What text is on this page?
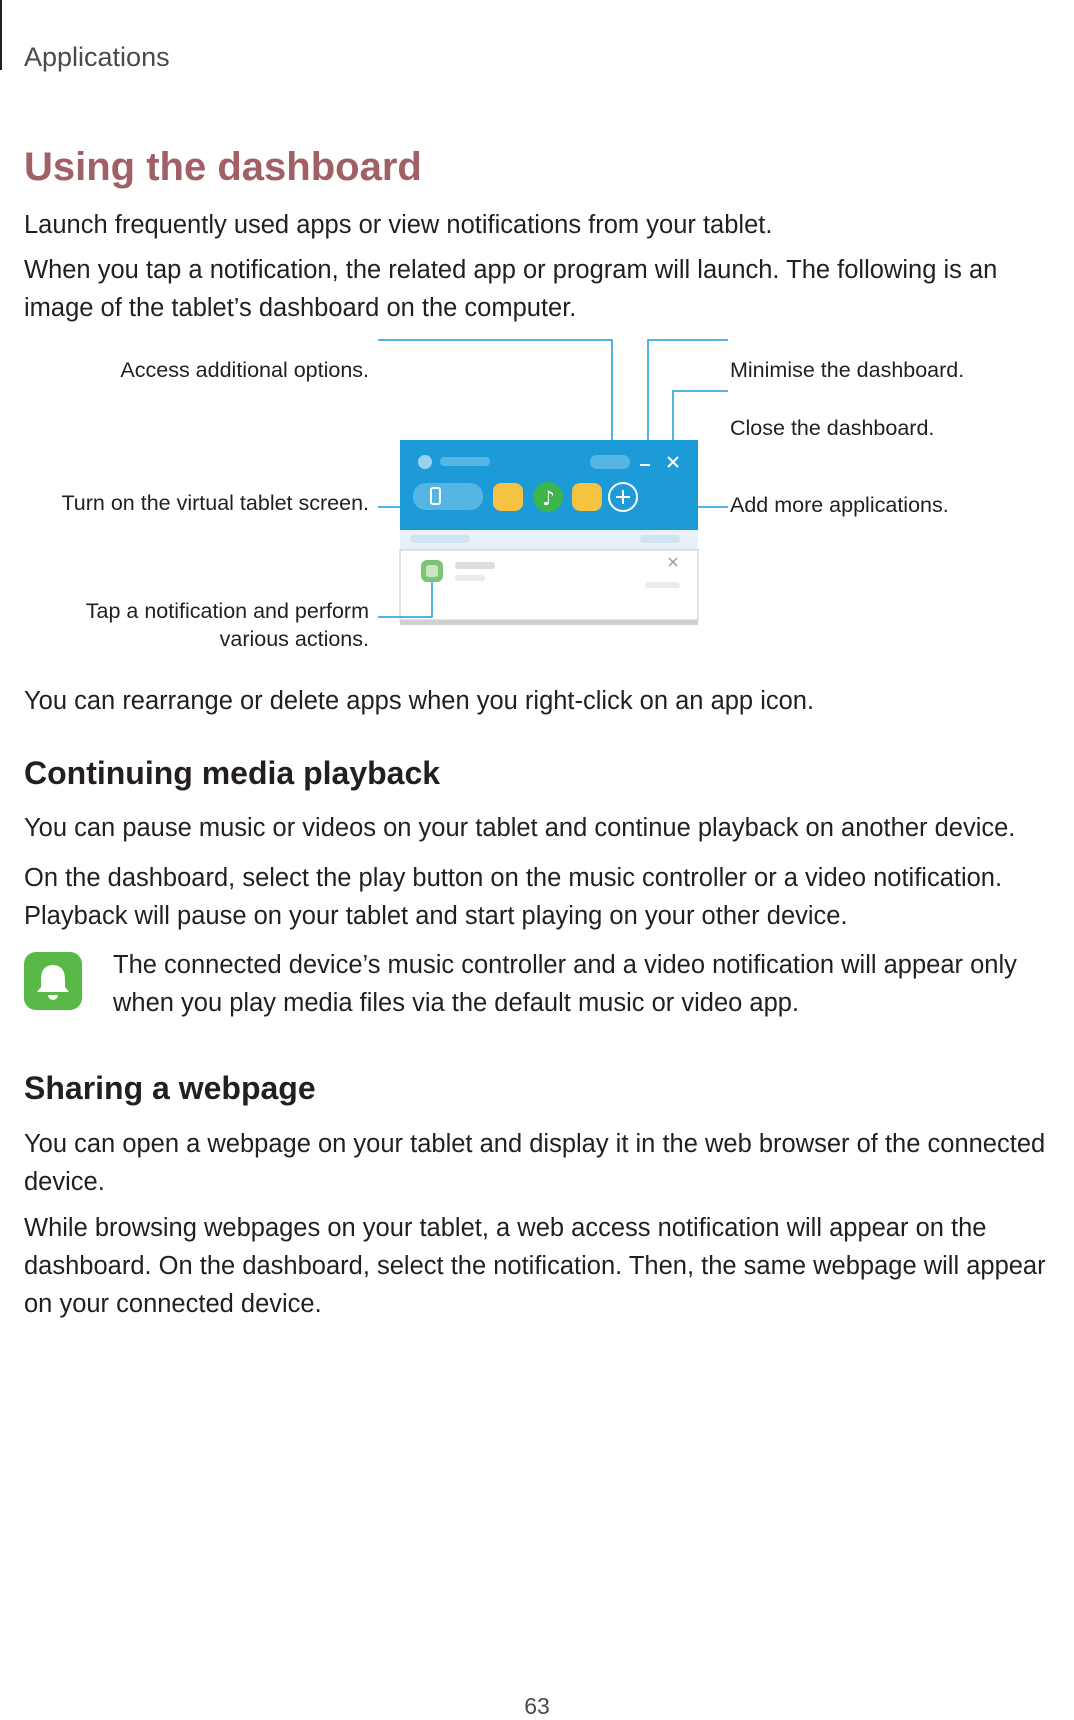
Applications
Using the dashboard

Launch frequently used apps or view notifications from your tablet.

When you tap a notification, the related app or program will launch. The following is an image of the tablet’s dashboard on the computer.

♪
Access additional options.	Minimise the dashboard.
Close the dashboard.
Turn on the virtual tablet screen.	Add more applications.
Tap a notification and perform
various actions.

You can rearrange or delete apps when you right-click on an app icon.

Continuing media playback

You can pause music or videos on your tablet and continue playback on another device.

On the dashboard, select the play button on the music controller or a video notification. Playback will pause on your tablet and start playing on your other device.

The connected device’s music controller and a video notification will appear only when you play media files via the default music or video app.

Sharing a webpage

You can open a webpage on your tablet and display it in the web browser of the connected device.

While browsing webpages on your tablet, a web access notification will appear on the dashboard. On the dashboard, select the notification. Then, the same webpage will appear on your connected device.

63
